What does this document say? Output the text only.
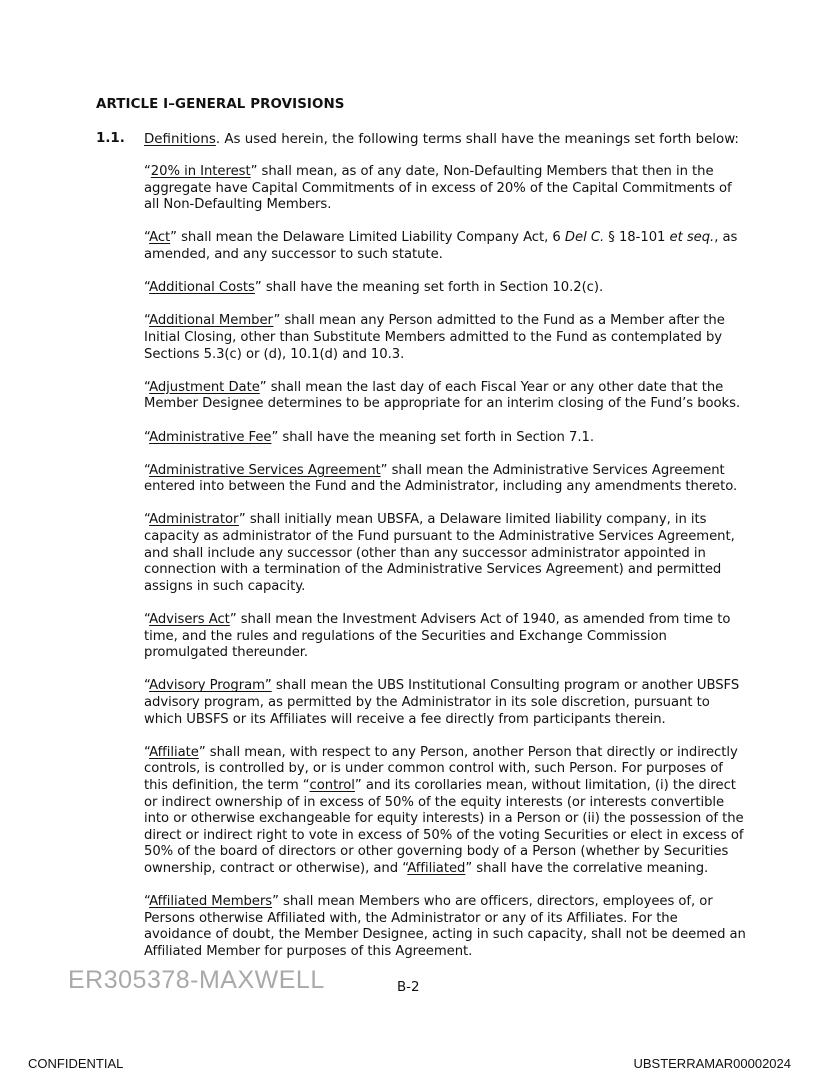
ARTICLE I–GENERAL PROVISIONS
1.1. Definitions. As used herein, the following terms shall have the meanings set forth below:
“20% in Interest” shall mean, as of any date, Non-Defaulting Members that then in the
aggregate have Capital Commitments of in excess of 20% of the Capital Commitments of
all Non-Defaulting Members.
“Act” shall mean the Delaware Limited Liability Company Act, 6 Del C. § 18-101 et seq., as
amended, and any successor to such statute.
“Additional Costs” shall have the meaning set forth in Section 10.2(c).
“Additional Member” shall mean any Person admitted to the Fund as a Member after the
Initial Closing, other than Substitute Members admitted to the Fund as contemplated by
Sections 5.3(c) or (d), 10.1(d) and 10.3.
“Adjustment Date” shall mean the last day of each Fiscal Year or any other date that the
Member Designee determines to be appropriate for an interim closing of the Fund’s books.
“Administrative Fee” shall have the meaning set forth in Section 7.1.
“Administrative Services Agreement” shall mean the Administrative Services Agreement
entered into between the Fund and the Administrator, including any amendments thereto.
“Administrator” shall initially mean UBSFA, a Delaware limited liability company, in its
capacity as administrator of the Fund pursuant to the Administrative Services Agreement,
and shall include any successor (other than any successor administrator appointed in
connection with a termination of the Administrative Services Agreement) and permitted
assigns in such capacity.
“Advisers Act” shall mean the Investment Advisers Act of 1940, as amended from time to
time, and the rules and regulations of the Securities and Exchange Commission
promulgated thereunder.
“Advisory Program” shall mean the UBS Institutional Consulting program or another UBSFS
advisory program, as permitted by the Administrator in its sole discretion, pursuant to
which UBSFS or its Affiliates will receive a fee directly from participants therein.
“Affiliate” shall mean, with respect to any Person, another Person that directly or indirectly
controls, is controlled by, or is under common control with, such Person. For purposes of
this definition, the term “control” and its corollaries mean, without limitation, (i) the direct
or indirect ownership of in excess of 50% of the equity interests (or interests convertible
into or otherwise exchangeable for equity interests) in a Person or (ii) the possession of the
direct or indirect right to vote in excess of 50% of the voting Securities or elect in excess of
50% of the board of directors or other governing body of a Person (whether by Securities
ownership, contract or otherwise), and “Affiliated” shall have the correlative meaning.
“Affiliated Members” shall mean Members who are officers, directors, employees of, or
Persons otherwise Affiliated with, the Administrator or any of its Affiliates. For the
avoidance of doubt, the Member Designee, acting in such capacity, shall not be deemed an
Affiliated Member for purposes of this Agreement.
ER305378-MAXWELL	B-2
CONFIDENTIAL	UBSTERRAMAR00002024
